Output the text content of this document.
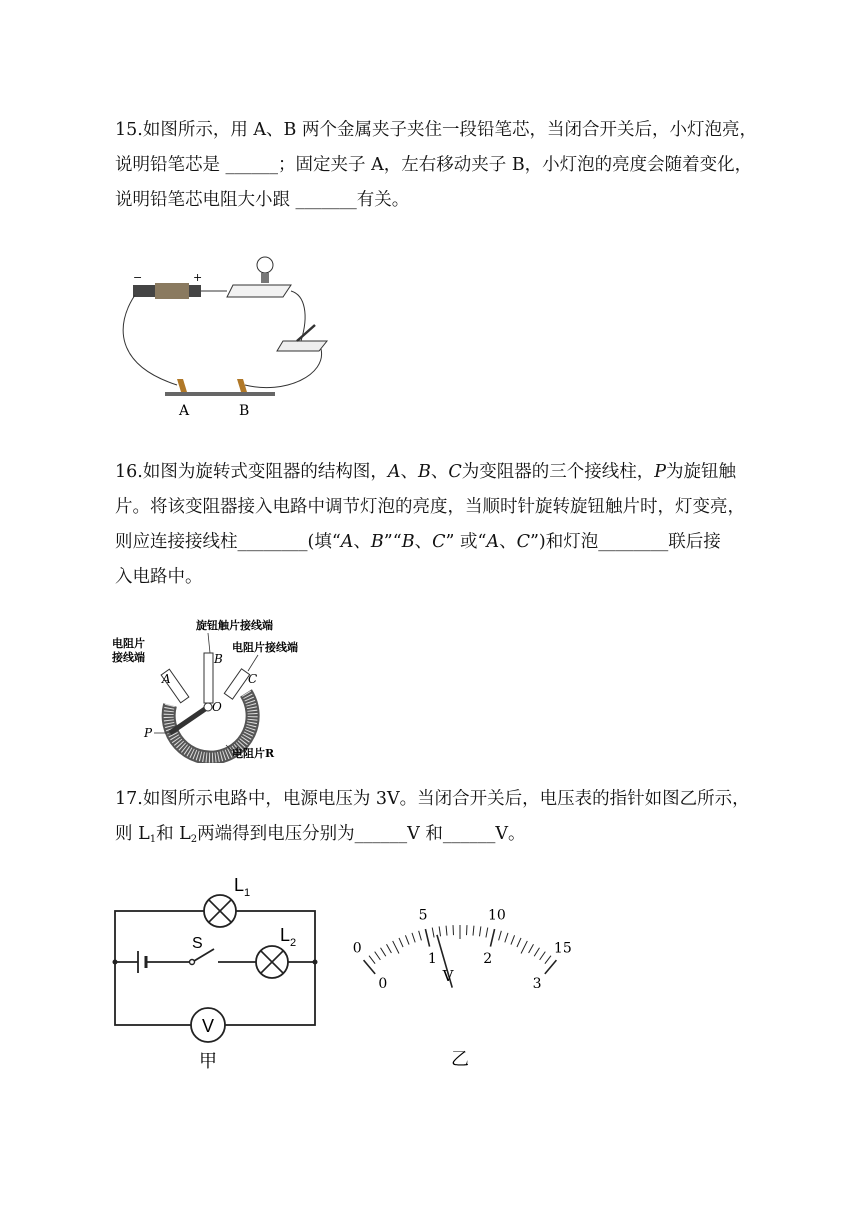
15.如图所示，用 A、B 两个金属夹子夹住一段铅笔芯，当闭合开关后，小灯泡亮，

说明铅笔芯是 ______；固定夹子 A，左右移动夹子 B，小灯泡的亮度会随着变化，

说明铅笔芯电阻大小跟 _______有关。

−	+
A	B

16.如图为旋转式变阻器的结构图，A、B、C为变阻器的三个接线柱，P为旋钮触

片。将该变阻器接入电路中调节灯泡的亮度，当顺时针旋转旋钮触片时，灯变亮，

则应连接接线柱________(填“A、B”“B、C” 或“A、C”)和灯泡________联后接

入电路中。

旋钮触片接线端
电阻片
接线端
电阻片接线端
A
B
C
O
P
电阻片R

17.如图所示电路中，电源电压为 3V。当闭合开关后，电压表的指针如图乙所示，

则 $L_1$和 $L_2$两端得到电压分别为______V 和______V。

$L_1$
S	$L_2$
V
甲
0
5	10
15
0
1	2
3
V
乙
